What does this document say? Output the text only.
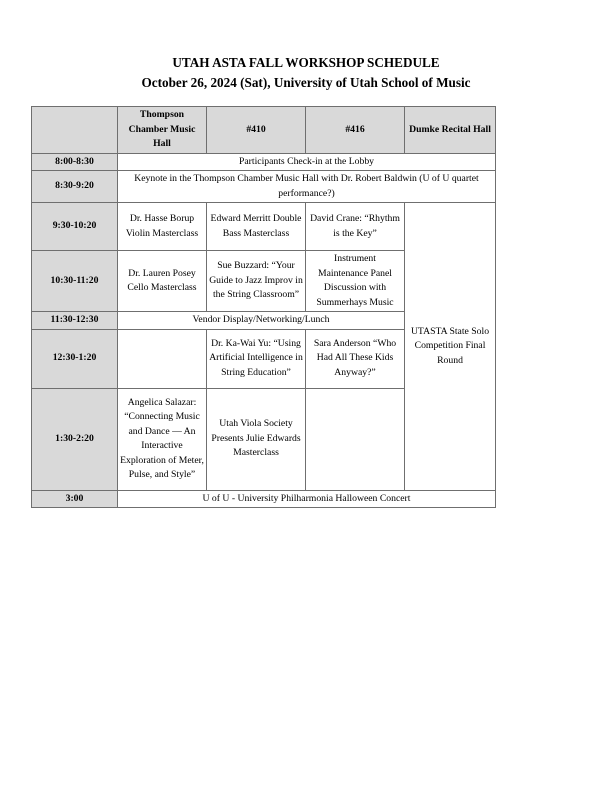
UTAH ASTA FALL WORKSHOP SCHEDULE
October 26, 2024 (Sat), University of Utah School of Music
	Thompson Chamber Music Hall	#410	#416	Dumke Recital Hall
8:00-8:30	Participants Check-in at the Lobby			
8:30-9:20	Keynote in the Thompson Chamber Music Hall with Dr. Robert Baldwin (U of U quartet performance?)			
9:30-10:20	Dr. Hasse Borup Violin Masterclass	Edward Merritt Double Bass Masterclass	David Crane: “Rhythm is the Key”	UTASTA State Solo Competition Final Round
10:30-11:20	Dr. Lauren Posey Cello Masterclass	Sue Buzzard: “Your Guide to Jazz Improv in the String Classroom”	Instrument Maintenance Panel Discussion with Summerhays Music	
11:30-12:30	Vendor Display/Networking/Lunch			
12:30-1:20		Dr. Ka-Wai Yu: “Using Artificial Intelligence in String Education”	Sara Anderson “Who Had All These Kids Anyway?”	
1:30-2:20	Angelica Salazar: “Connecting Music and Dance — An Interactive Exploration of Meter, Pulse, and Style”	Utah Viola Society Presents Julie Edwards Masterclass		
3:00	U of U - University Philharmonia Halloween Concert			
